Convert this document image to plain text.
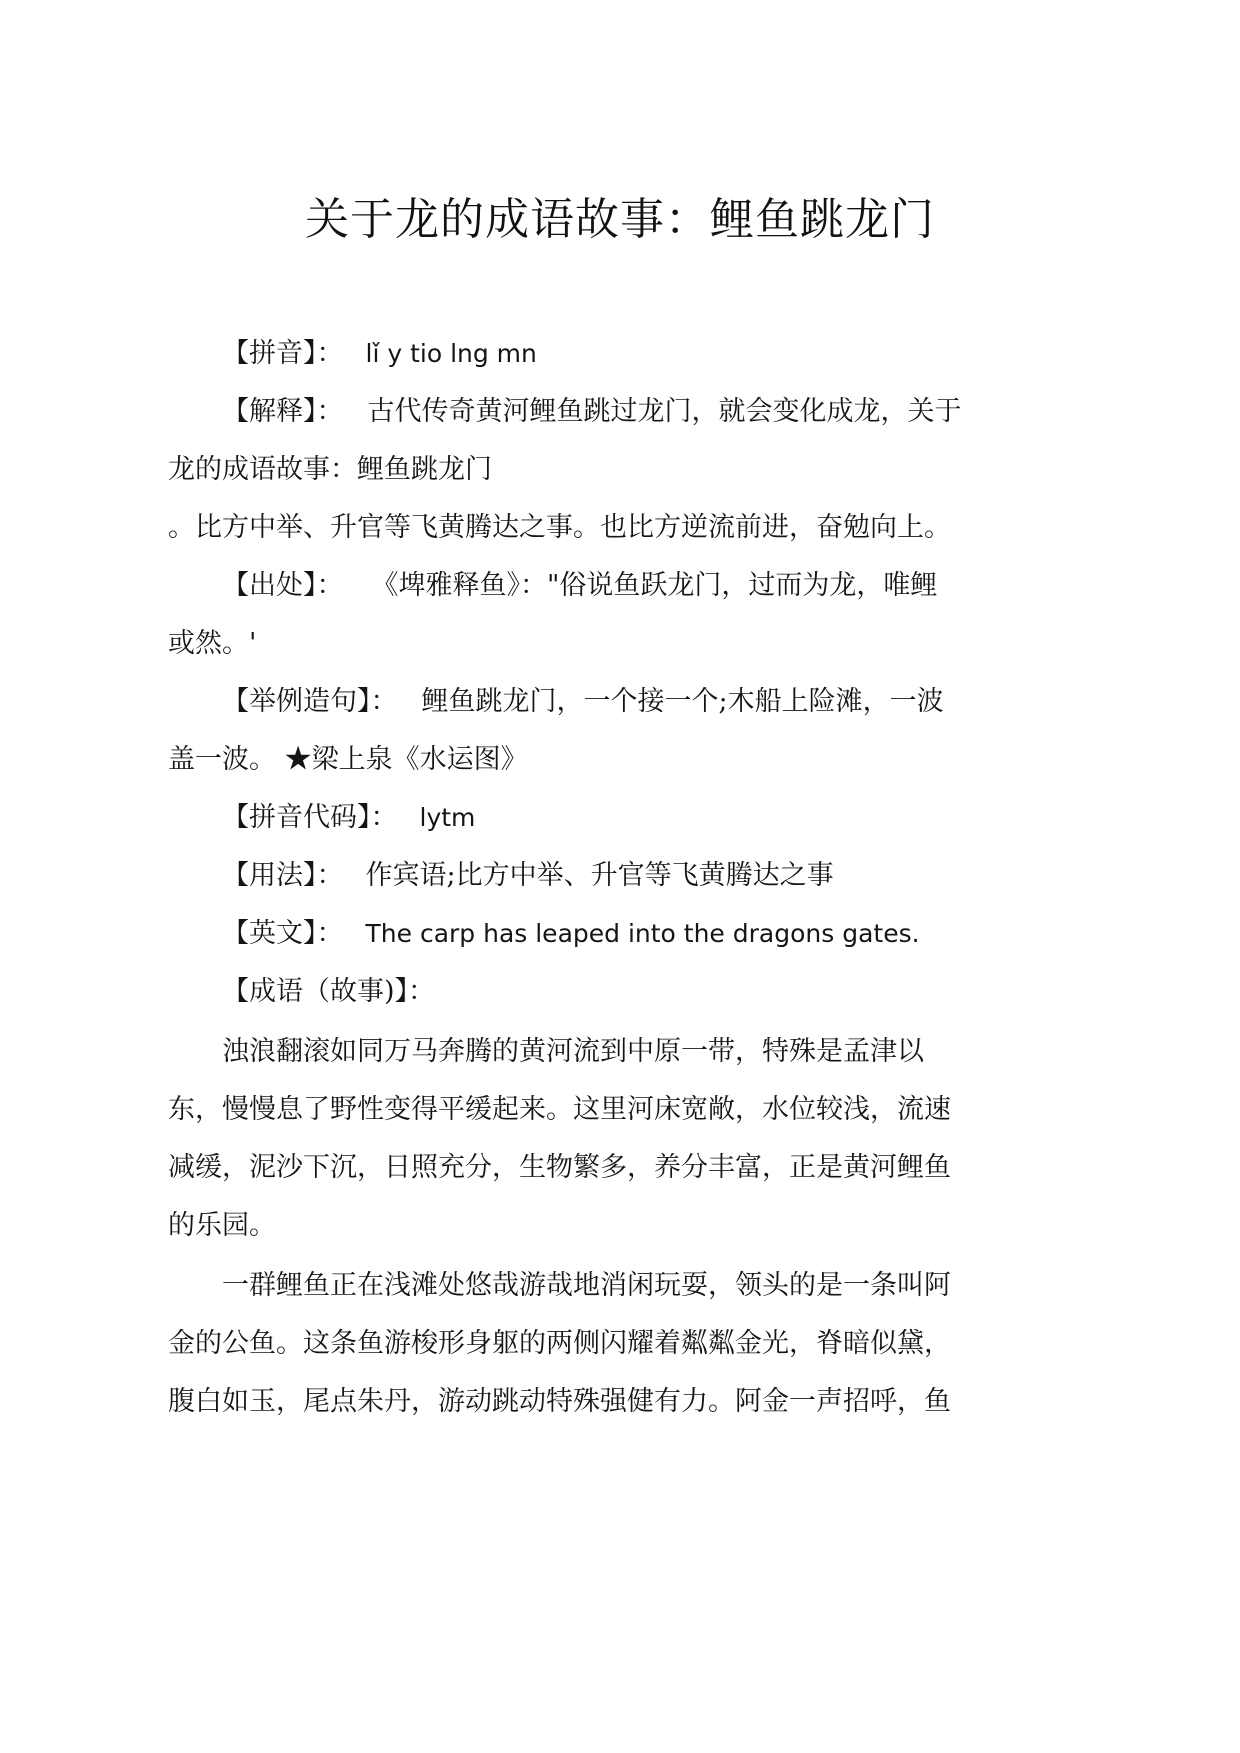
关于龙的成语故事：鲤鱼跳龙门
【拼音】： lǐ y tio lng mn
【解释】： 古代传奇黄河鲤鱼跳过龙门，就会变化成龙，关于
龙的成语故事：鲤鱼跳龙门
。比方中举、升官等飞黄腾达之事。也比方逆流前进，奋勉向上。
【出处】： 《埤雅释鱼》："俗说鱼跃龙门，过而为龙，唯鲤
或然。'
【举例造句】： 鲤鱼跳龙门，一个接一个;木船上险滩，一波
盖一波。 ★梁上泉《水运图》
【拼音代码】： lytm
【用法】： 作宾语;比方中举、升官等飞黄腾达之事
【英文】： The carp has leaped into the dragons gates.
【成语（故事)】：
浊浪翻滚如同万马奔腾的黄河流到中原一带，特殊是孟津以
东，慢慢息了野性变得平缓起来。这里河床宽敞，水位较浅，流速
减缓，泥沙下沉，日照充分，生物繁多，养分丰富，正是黄河鲤鱼
的乐园。
一群鲤鱼正在浅滩处悠哉游哉地消闲玩耍，领头的是一条叫阿
金的公鱼。这条鱼游梭形身躯的两侧闪耀着粼粼金光，脊暗似黛，
腹白如玉，尾点朱丹，游动跳动特殊强健有力。阿金一声招呼，鱼
